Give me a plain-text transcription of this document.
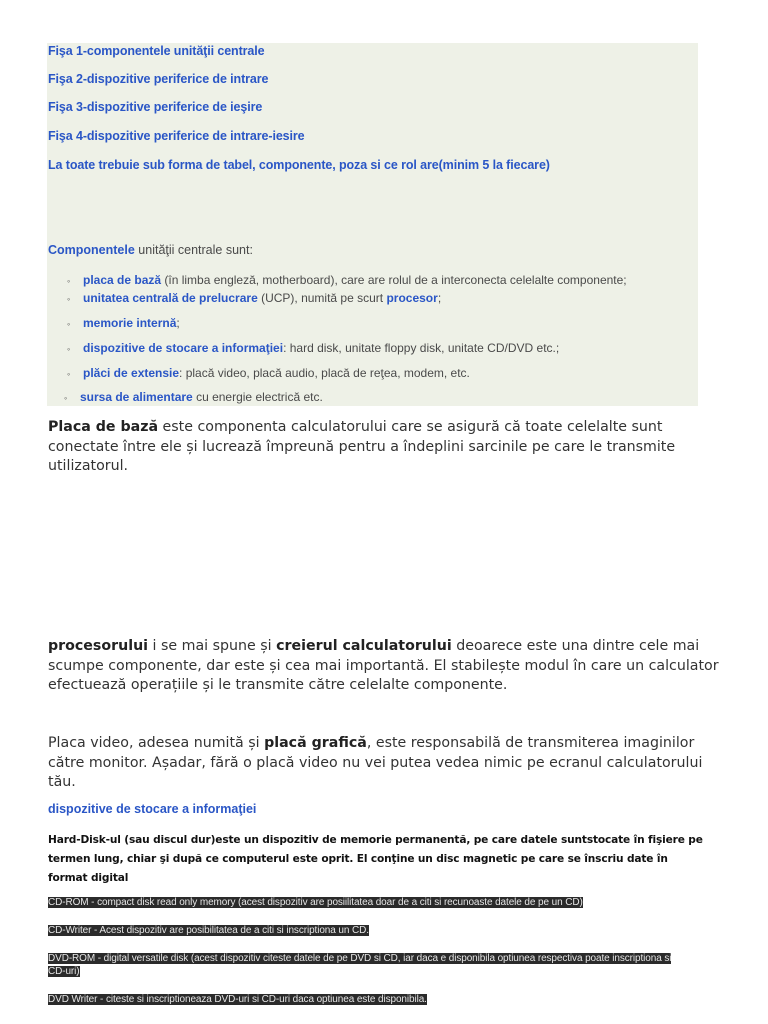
Fişa 1-componentele unităţii centrale
Fişa 2-dispozitive periferice de intrare
Fişa 3-dispozitive periferice de ieşire
Fişa 4-dispozitive periferice de intrare-iesire
La toate trebuie sub forma de tabel, componente, poza si ce rol are(minim 5 la fiecare)
Componentele unităţii centrale sunt:
◦ placa de bază (în limba engleză, motherboard), care are rolul de a interconecta celelalte componente;
◦ unitatea centrală de prelucrare (UCP), numită pe scurt procesor;
◦ memorie internă;
◦ dispozitive de stocare a informaţiei: hard disk, unitate floppy disk, unitate CD/DVD etc.;
◦ plăci de extensie: placă video, placă audio, placă de reţea, modem, etc.
◦ sursa de alimentare cu energie electrică etc.
Placa de bază este componenta calculatorului care se asigură că toate celelalte sunt conectate între ele și lucrează împreună pentru a îndeplini sarcinile pe care le transmite utilizatorul.
procesorului i se mai spune și creierul calculatorului deoarece este una dintre cele mai scumpe componente, dar este și cea mai importantă. El stabilește modul în care un calculator efectuează operațiile și le transmite către celelalte componente.
Placa video, adesea numită și placă grafică, este responsabilă de transmiterea imaginilor către monitor. Așadar, fără o placă video nu vei putea vedea nimic pe ecranul calculatorului tău.
dispozitive de stocare a informaţiei
Hard-Disk-ul (sau discul dur)este un dispozitiv de memorie permanentă, pe care datele suntstocate în fişiere pe termen lung, chiar şi după ce computerul este oprit. El conţine un disc magnetic pe care se înscriu date în format digital
CD-ROM - compact disk read only memory (acest dispozitiv are posiilitatea doar de a citi si recunoaste datele de pe un CD)
CD-Writer - Acest dispozitiv are posibilitatea de a citi si inscriptiona un CD.
DVD-ROM - digital versatile disk (acest dispozitiv citeste datele de pe DVD si CD, iar daca e disponibila optiunea respectiva poate inscriptiona si CD-uri)
DVD Writer - citeste si inscriptioneaza DVD-uri si CD-uri daca optiunea este disponibila.
